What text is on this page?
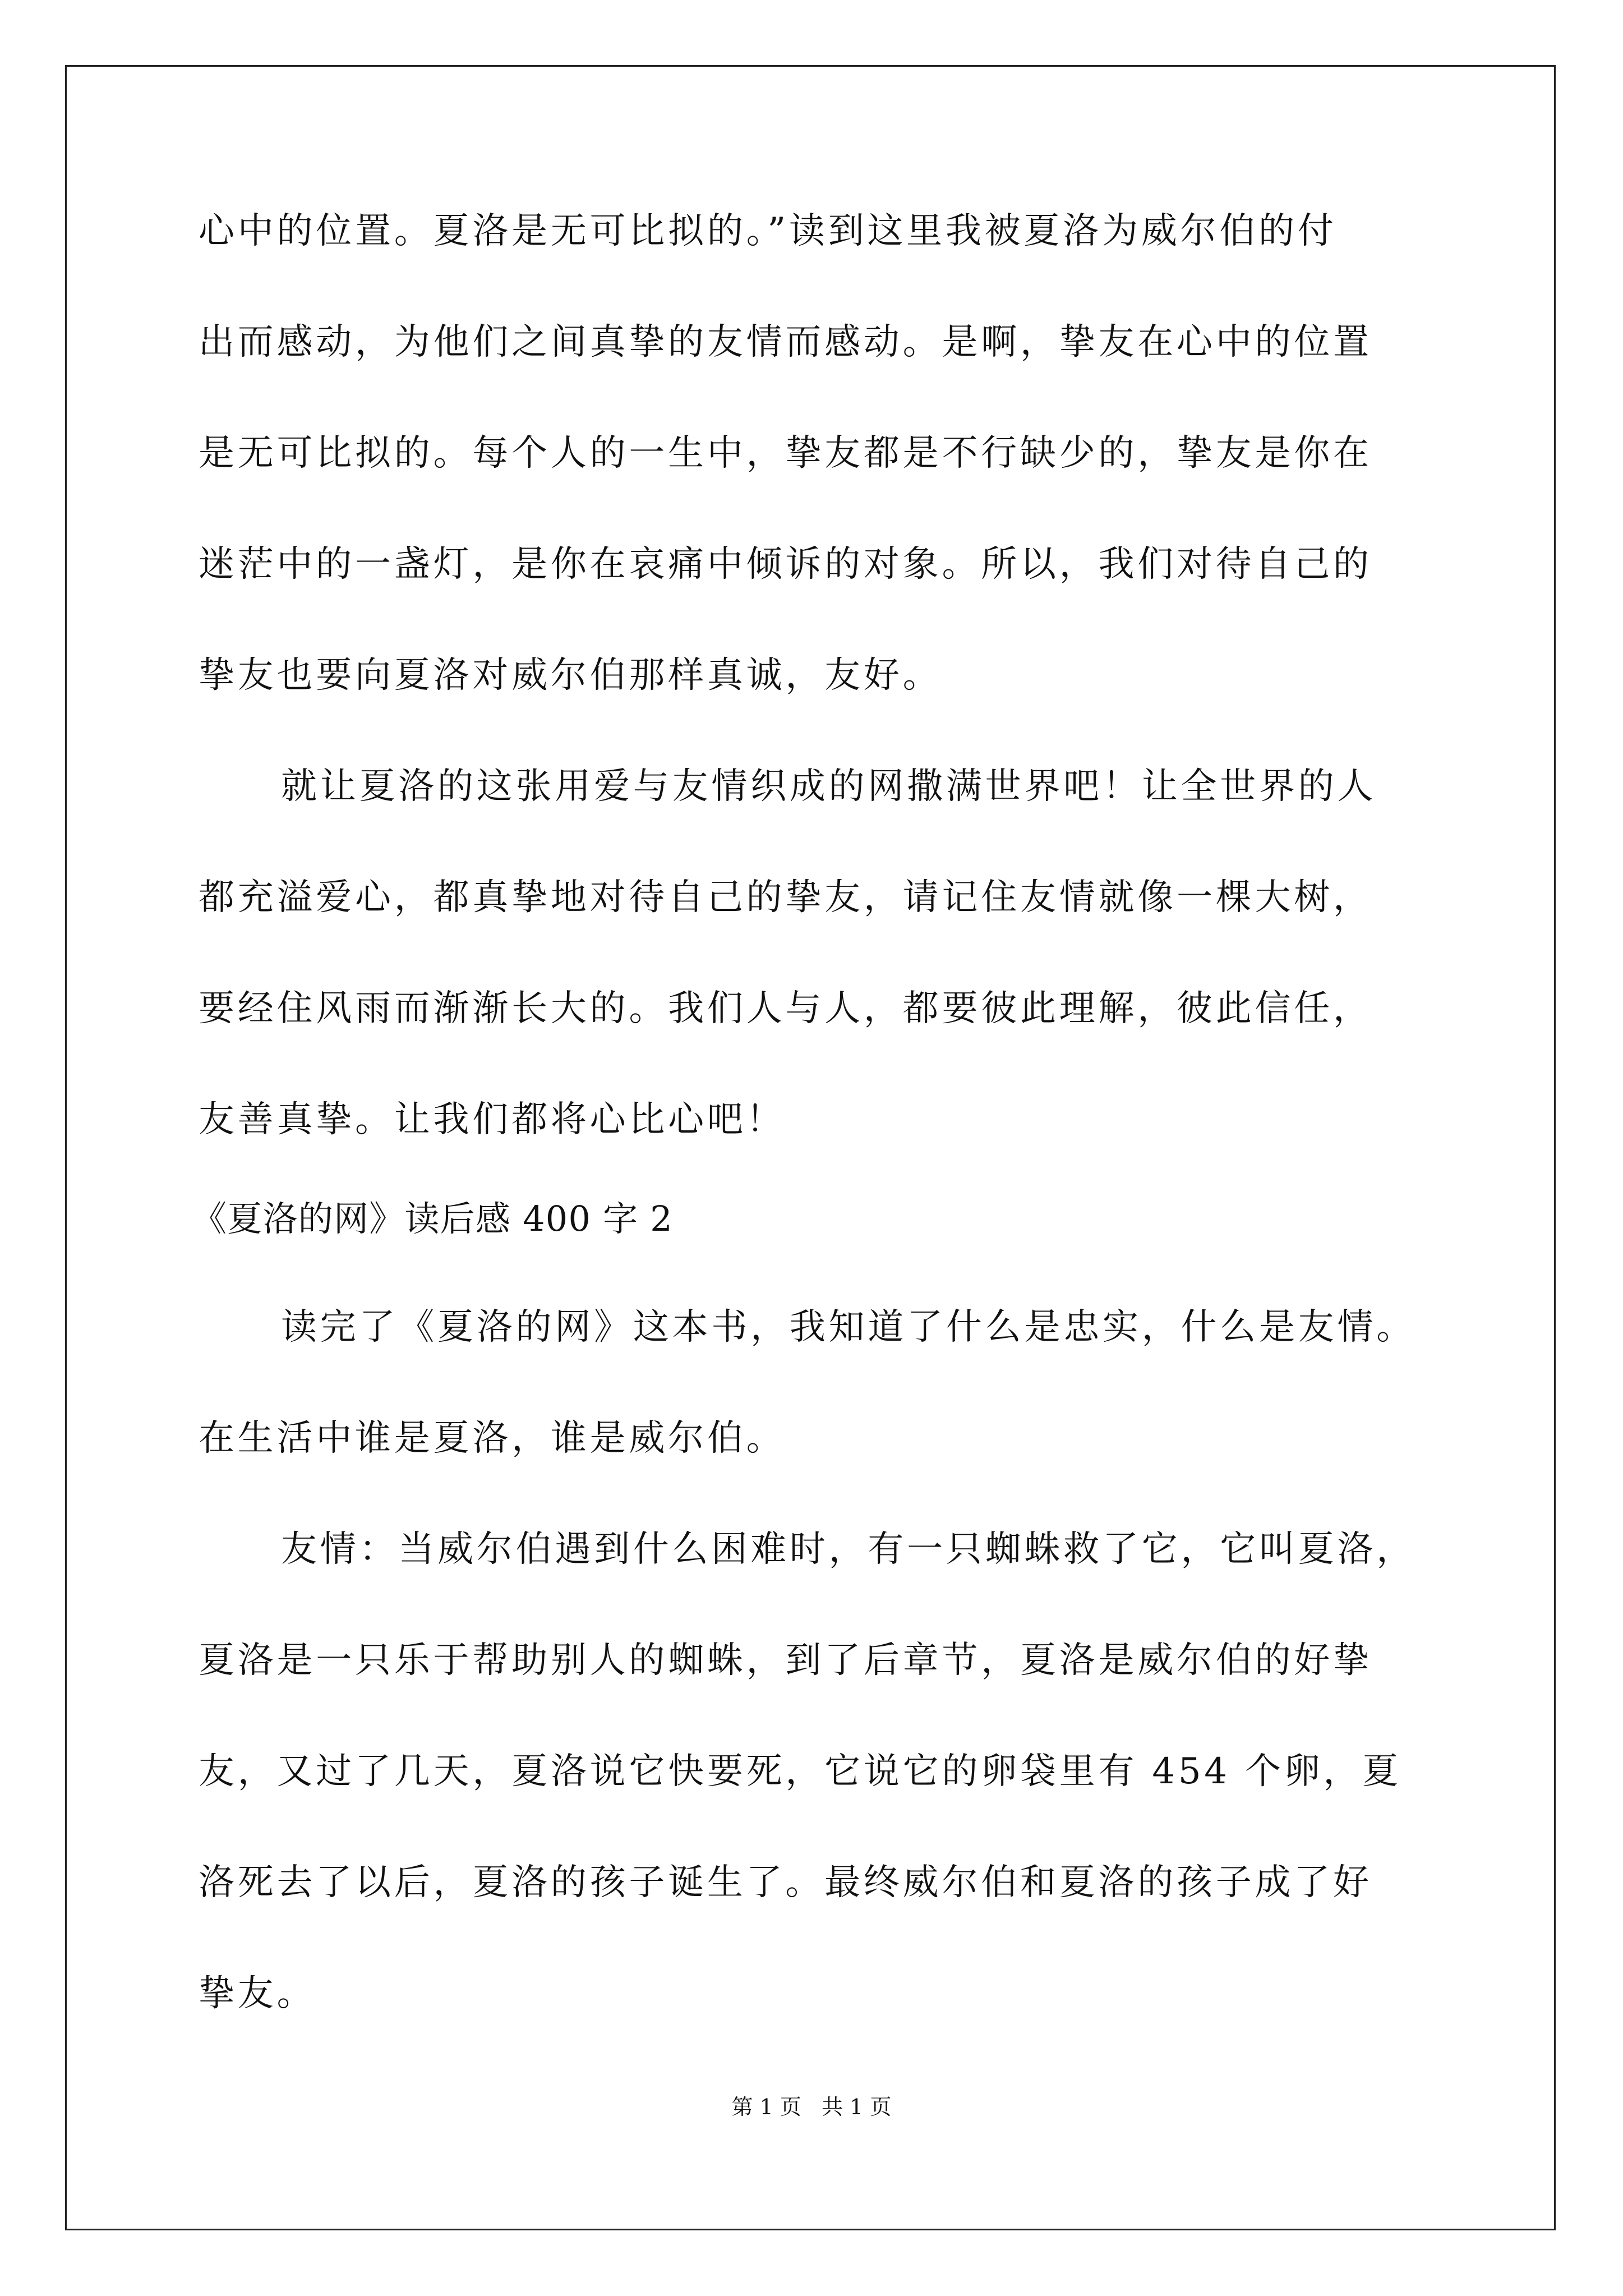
心中的位置。夏洛是无可比拟的。”读到这里我被夏洛为威尔伯的付
出而感动，为他们之间真挚的友情而感动。是啊，挚友在心中的位置
是无可比拟的。每个人的一生中，挚友都是不行缺少的，挚友是你在
迷茫中的一盏灯，是你在哀痛中倾诉的对象。所以，我们对待自己的
挚友也要向夏洛对威尔伯那样真诚，友好。
就让夏洛的这张用爱与友情织成的网撒满世界吧！让全世界的人
都充溢爱心，都真挚地对待自己的挚友，请记住友情就像一棵大树，
要经住风雨而渐渐长大的。我们人与人，都要彼此理解，彼此信任，
友善真挚。让我们都将心比心吧！
《夏洛的网》读后感 400 字 2
读完了《夏洛的网》这本书，我知道了什么是忠实，什么是友情。
在生活中谁是夏洛，谁是威尔伯。
友情：当威尔伯遇到什么困难时，有一只蜘蛛救了它，它叫夏洛，
夏洛是一只乐于帮助别人的蜘蛛，到了后章节，夏洛是威尔伯的好挚
友，又过了几天，夏洛说它快要死，它说它的卵袋里有 454 个卵，夏
洛死去了以后，夏洛的孩子诞生了。最终威尔伯和夏洛的孩子成了好
挚友。
第 1 页   共 1 页
